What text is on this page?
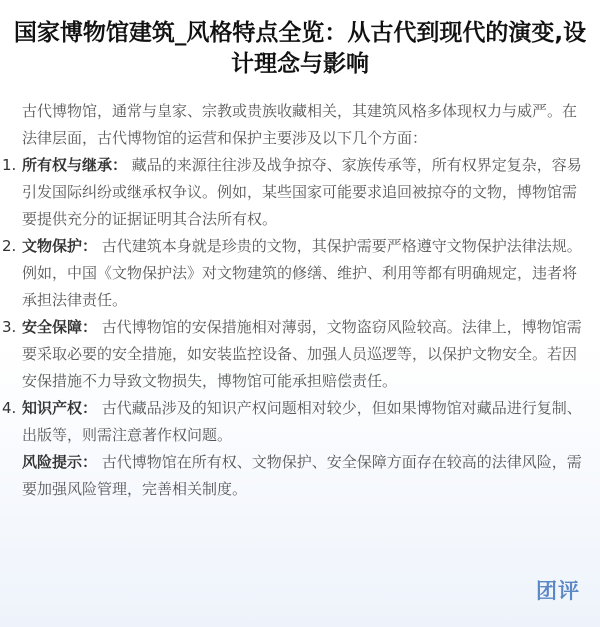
国家博物馆建筑_风格特点全览：从古代到现代的演变,设计理念与影响

古代博物馆，通常与皇家、宗教或贵族收藏相关，其建筑风格多体现权力与威严。在法律层面，古代博物馆的运营和保护主要涉及以下几个方面：

1. 所有权与继承： 藏品的来源往往涉及战争掠夺、家族传承等，所有权界定复杂，容易引发国际纠纷或继承权争议。例如，某些国家可能要求追回被掠夺的文物，博物馆需要提供充分的证据证明其合法所有权。
2. 文物保护： 古代建筑本身就是珍贵的文物，其保护需要严格遵守文物保护法律法规。例如，中国《文物保护法》对文物建筑的修缮、维护、利用等都有明确规定，违者将承担法律责任。
3. 安全保障： 古代博物馆的安保措施相对薄弱，文物盗窃风险较高。法律上，博物馆需要采取必要的安全措施，如安装监控设备、加强人员巡逻等，以保护文物安全。若因安保措施不力导致文物损失，博物馆可能承担赔偿责任。
4. 知识产权： 古代藏品涉及的知识产权问题相对较少，但如果博物馆对藏品进行复制、出版等，则需注意著作权问题。

风险提示： 古代博物馆在所有权、文物保护、安全保障方面存在较高的法律风险，需要加强风险管理，完善相关制度。

团评
